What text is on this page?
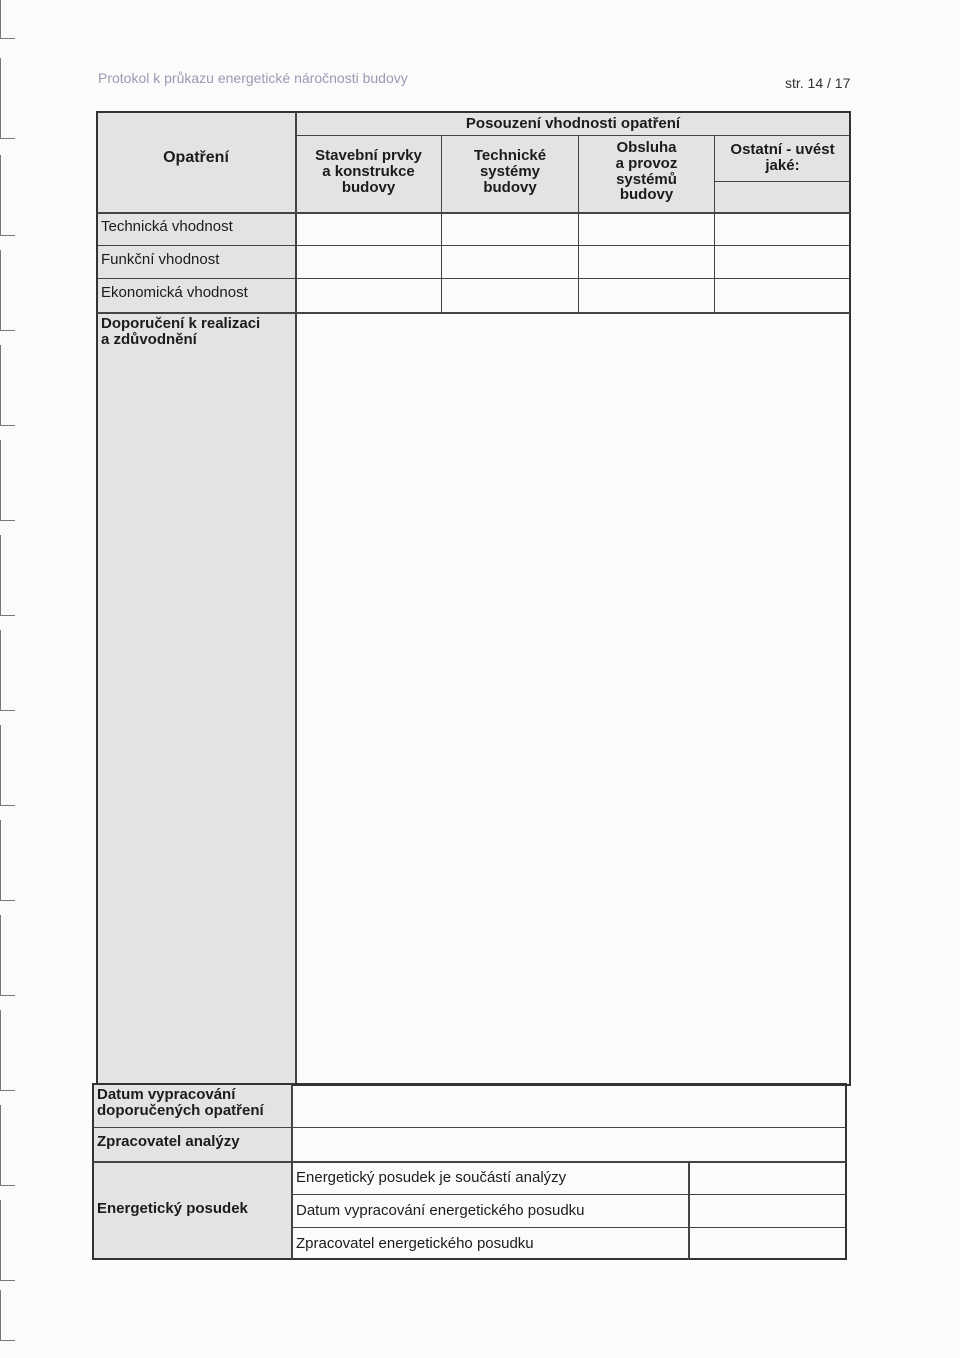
Protokol k průkazu energetické náročnosti budovy	str. 14 / 17
Opatření
Posouzení vhodnosti opatření
Stavební prvky
a konstrukce
budovy
Technické
systémy
budovy
Obsluha
a provoz
systémů
budovy
Ostatní - uvést
jaké:
Technická vhodnost
Funkční vhodnost
Ekonomická vhodnost
Doporučení k realizaci
a zdůvodnění
Datum vypracování
doporučených opatření
Zpracovatel analýzy
Energetický posudek
Energetický posudek je součástí analýzy
Datum vypracování energetického posudku
Zpracovatel energetického posudku
